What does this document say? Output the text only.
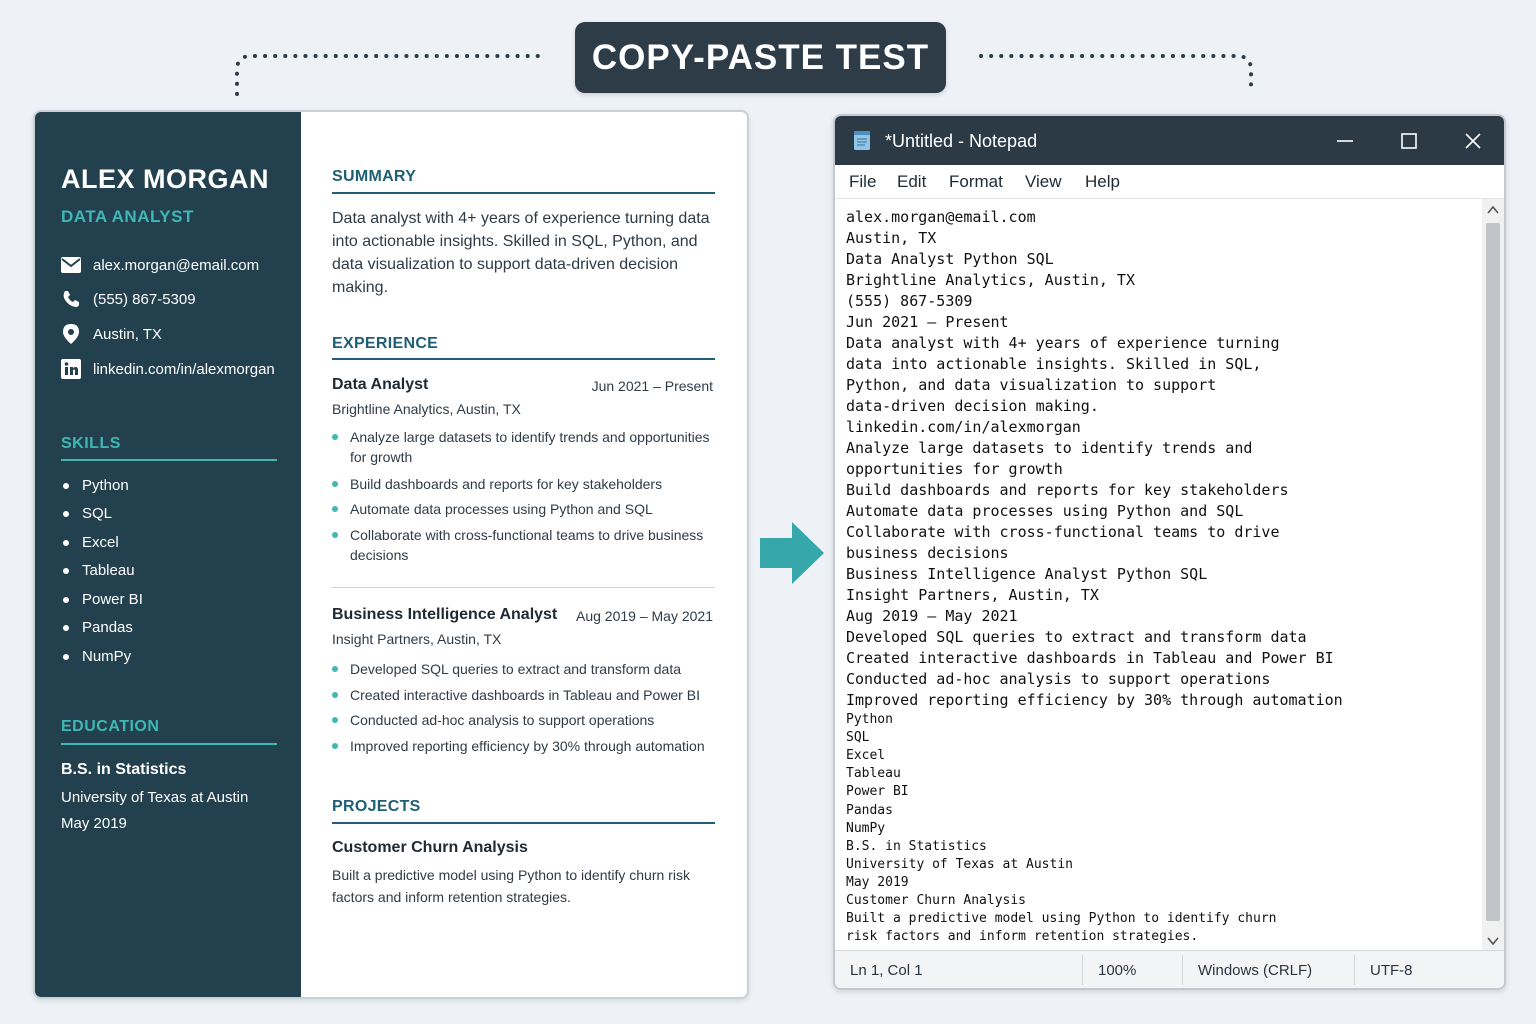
COPY-PASTE TEST
ALEX MORGAN
DATA ANALYST
alex.morgan@email.com
(555) 867-5309
Austin, TX
linkedin.com/in/alexmorgan
SKILLS
Python
SQL
Excel
Tableau
Power BI
Pandas
NumPy
EDUCATION
B.S. in Statistics
University of Texas at Austin
May 2019
SUMMARY
Data analyst with 4+ years of experience turning data into actionable insights. Skilled in SQL, Python, and data visualization to support data-driven decision making.
EXPERIENCE
Data Analyst	Jun 2021 – Present
Brightline Analytics, Austin, TX
Analyze large datasets to identify trends and opportunities for growth
Build dashboards and reports for key stakeholders
Automate data processes using Python and SQL
Collaborate with cross-functional teams to drive business decisions
Business Intelligence Analyst Aug 2019 – May 2021
Insight Partners, Austin, TX
Developed SQL queries to extract and transform data
Created interactive dashboards in Tableau and Power BI
Conducted ad-hoc analysis to support operations
Improved reporting efficiency by 30% through automation
PROJECTS
Customer Churn Analysis
Built a predictive model using Python to identify churn risk factors and inform retention strategies.
*Untitled - Notepad
File Edit Format View Help
alex.morgan@email.com
Austin, TX
Data Analyst Python SQL
Brightline Analytics, Austin, TX
(555) 867-5309
Jun 2021 – Present
Data analyst with 4+ years of experience turning
data into actionable insights. Skilled in SQL,
Python, and data visualization to support
data-driven decision making.
linkedin.com/in/alexmorgan
Analyze large datasets to identify trends and
opportunities for growth
Build dashboards and reports for key stakeholders
Automate data processes using Python and SQL
Collaborate with cross-functional teams to drive
business decisions
Business Intelligence Analyst Python SQL
Insight Partners, Austin, TX
Aug 2019 – May 2021
Developed SQL queries to extract and transform data
Created interactive dashboards in Tableau and Power BI
Conducted ad-hoc analysis to support operations
Improved reporting efficiency by 30% through automation
Python
SQL
Excel
Tableau
Power BI
Pandas
NumPy
B.S. in Statistics
University of Texas at Austin
May 2019
Customer Churn Analysis
Built a predictive model using Python to identify churn
risk factors and inform retention strategies.
Ln 1, Col 1	100%	Windows (CRLF)	UTF-8
